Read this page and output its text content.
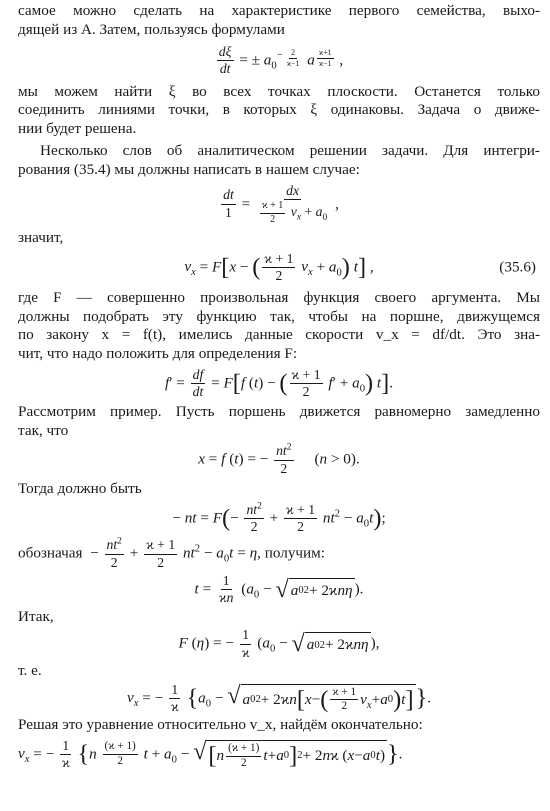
самое можно сделать на характеристике первого семейства, выхо-

дящей из A. Затем, пользуясь формулами

$\frac{d\xi}{dt}$ = ± $a_0^{- \frac{2}{ϰ-1}}$ a $^{\frac{ϰ+1}{ϰ-1}}$ ,

мы можем найти ξ во всех точках плоскости. Останется только

соединить линиями точки, в которых ξ одинаковы. Задача о движе-

нии будет решена.

Несколько слов об аналитическом решении задачи. Для интегри-

рования (35.4) мы должны написать в нашем случае:

$\frac{dt}{1} = \frac{dx}{\frac{ϰ + 1}{2} v_x + a_0}$ ,

значит,

$v_x = F[x$ − ( $\frac{ϰ + 1}{2} v_x + a_0$) t] ,	(35.6)

где F — совершенно произвольная функция своего аргумента. Мы

должны подобрать эту функцию так, чтобы на поршне, движущемся

по закону x = f(t), имелись данные скорости v_x = df/dt. Это зна-

чит, что надо положить для определения F:

$f' = \frac{df}{dt} = F[f$ (t) − ( $\frac{ϰ + 1}{2} f' + a_0$) t].

Рассмотрим пример. Пусть поршень движется равномерно замедленно

так, что

x = f (t) = − $\frac{nt^2}{2} (n > 0)$.

Тогда должно быть

− nt = $F(- \frac{nt^2}{2} + \frac{ϰ + 1}{2} nt^2 - a_0t)$;
обозначая  − $\frac{nt^2}{2} + \frac{ϰ + 1}{2} nt^2 - a_0t = \eta$, получим:
$t = \frac{1}{ϰn} (a_0$ − √ a 0 2 + 2ϰ nη ).

Итак,

F (η) = − $\frac{1}{ϰ} (a_0$ − √ a 0 2 + 2ϰ nη ),

т. е.

$v_x$ = − $\frac{1}{ϰ} \{a_0$ − √ a 0 2 + 2ϰ n [ x − ( $\frac{ϰ + 1}{2} v_x + a$ 0 ) t ] }.

Решая это уравнение относительно v_x, найдём окончательно:

$v_x$ = − $\frac{1}{ϰ} \{n \frac{(ϰ + 1)}{2}$ $t + a_0$ − √ [ n $\frac{(ϰ + 1)}{2}$ t + a 0 ] 2 + 2 n ϰ ( x − a 0 t ) }.
